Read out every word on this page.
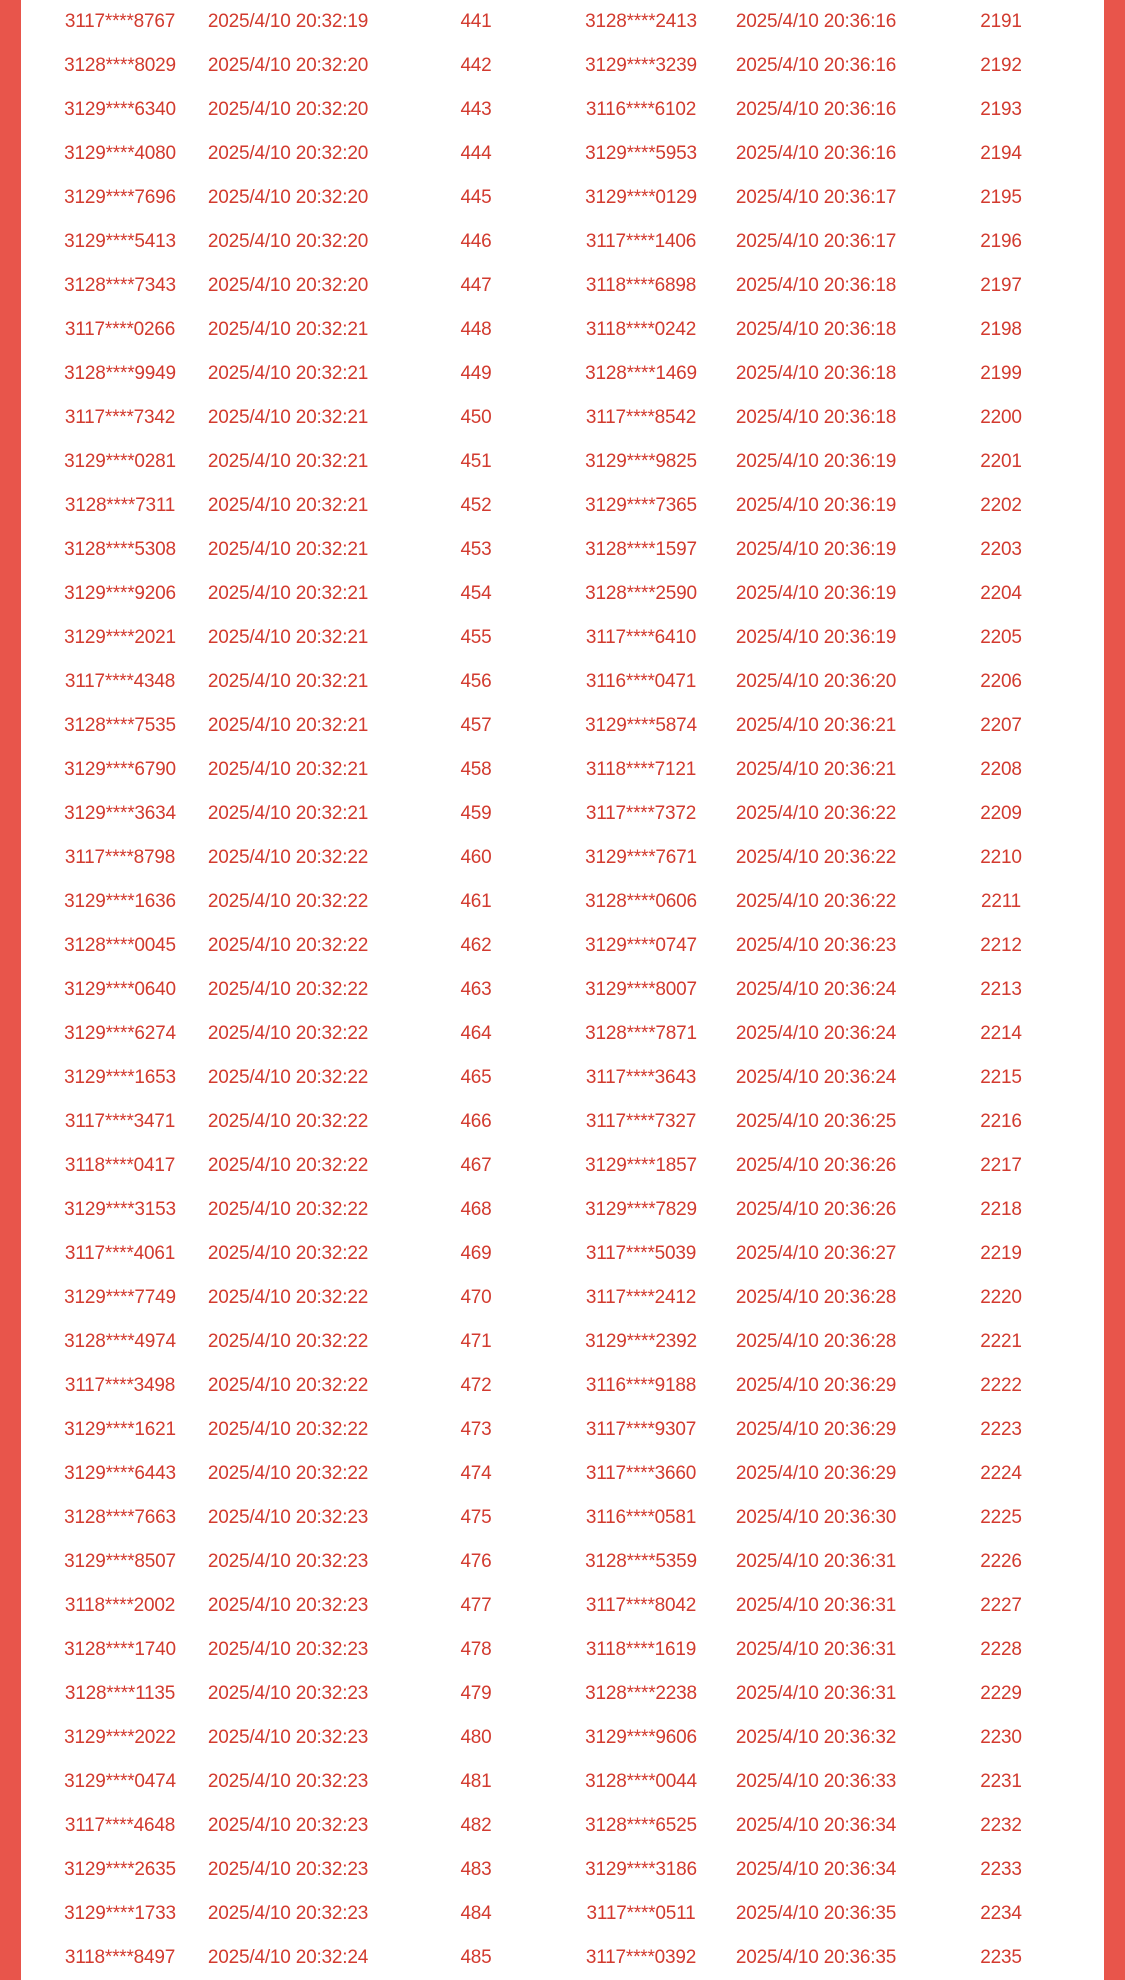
3117****8767 2025/4/10 20:32:19	441	3128****2413 2025/4/10 20:36:16	2191
3128****8029 2025/4/10 20:32:20	442	3129****3239 2025/4/10 20:36:16	2192
3129****6340 2025/4/10 20:32:20	443	3116****6102 2025/4/10 20:36:16	2193
3129****4080 2025/4/10 20:32:20	444	3129****5953 2025/4/10 20:36:16	2194
3129****7696 2025/4/10 20:32:20	445	3129****0129 2025/4/10 20:36:17	2195
3129****5413 2025/4/10 20:32:20	446	3117****1406 2025/4/10 20:36:17	2196
3128****7343 2025/4/10 20:32:20	447	3118****6898 2025/4/10 20:36:18	2197
3117****0266 2025/4/10 20:32:21	448	3118****0242 2025/4/10 20:36:18	2198
3128****9949 2025/4/10 20:32:21	449	3128****1469 2025/4/10 20:36:18	2199
3117****7342 2025/4/10 20:32:21	450	3117****8542 2025/4/10 20:36:18	2200
3129****0281 2025/4/10 20:32:21	451	3129****9825 2025/4/10 20:36:19	2201
3128****7311 2025/4/10 20:32:21	452	3129****7365 2025/4/10 20:36:19	2202
3128****5308 2025/4/10 20:32:21	453	3128****1597 2025/4/10 20:36:19	2203
3129****9206 2025/4/10 20:32:21	454	3128****2590 2025/4/10 20:36:19	2204
3129****2021 2025/4/10 20:32:21	455	3117****6410 2025/4/10 20:36:19	2205
3117****4348 2025/4/10 20:32:21	456	3116****0471 2025/4/10 20:36:20	2206
3128****7535 2025/4/10 20:32:21	457	3129****5874 2025/4/10 20:36:21	2207
3129****6790 2025/4/10 20:32:21	458	3118****7121 2025/4/10 20:36:21	2208
3129****3634 2025/4/10 20:32:21	459	3117****7372 2025/4/10 20:36:22	2209
3117****8798 2025/4/10 20:32:22	460	3129****7671 2025/4/10 20:36:22	2210
3129****1636 2025/4/10 20:32:22	461	3128****0606 2025/4/10 20:36:22	2211
3128****0045 2025/4/10 20:32:22	462	3129****0747 2025/4/10 20:36:23	2212
3129****0640 2025/4/10 20:32:22	463	3129****8007 2025/4/10 20:36:24	2213
3129****6274 2025/4/10 20:32:22	464	3128****7871 2025/4/10 20:36:24	2214
3129****1653 2025/4/10 20:32:22	465	3117****3643 2025/4/10 20:36:24	2215
3117****3471 2025/4/10 20:32:22	466	3117****7327 2025/4/10 20:36:25	2216
3118****0417 2025/4/10 20:32:22	467	3129****1857 2025/4/10 20:36:26	2217
3129****3153 2025/4/10 20:32:22	468	3129****7829 2025/4/10 20:36:26	2218
3117****4061 2025/4/10 20:32:22	469	3117****5039 2025/4/10 20:36:27	2219
3129****7749 2025/4/10 20:32:22	470	3117****2412 2025/4/10 20:36:28	2220
3128****4974 2025/4/10 20:32:22	471	3129****2392 2025/4/10 20:36:28	2221
3117****3498 2025/4/10 20:32:22	472	3116****9188 2025/4/10 20:36:29	2222
3129****1621 2025/4/10 20:32:22	473	3117****9307 2025/4/10 20:36:29	2223
3129****6443 2025/4/10 20:32:22	474	3117****3660 2025/4/10 20:36:29	2224
3128****7663 2025/4/10 20:32:23	475	3116****0581 2025/4/10 20:36:30	2225
3129****8507 2025/4/10 20:32:23	476	3128****5359 2025/4/10 20:36:31	2226
3118****2002 2025/4/10 20:32:23	477	3117****8042 2025/4/10 20:36:31	2227
3128****1740 2025/4/10 20:32:23	478	3118****1619 2025/4/10 20:36:31	2228
3128****1135 2025/4/10 20:32:23	479	3128****2238 2025/4/10 20:36:31	2229
3129****2022 2025/4/10 20:32:23	480	3129****9606 2025/4/10 20:36:32	2230
3129****0474 2025/4/10 20:32:23	481	3128****0044 2025/4/10 20:36:33	2231
3117****4648 2025/4/10 20:32:23	482	3128****6525 2025/4/10 20:36:34	2232
3129****2635 2025/4/10 20:32:23	483	3129****3186 2025/4/10 20:36:34	2233
3129****1733 2025/4/10 20:32:23	484	3117****0511 2025/4/10 20:36:35	2234
3118****8497 2025/4/10 20:32:24	485	3117****0392 2025/4/10 20:36:35	2235
